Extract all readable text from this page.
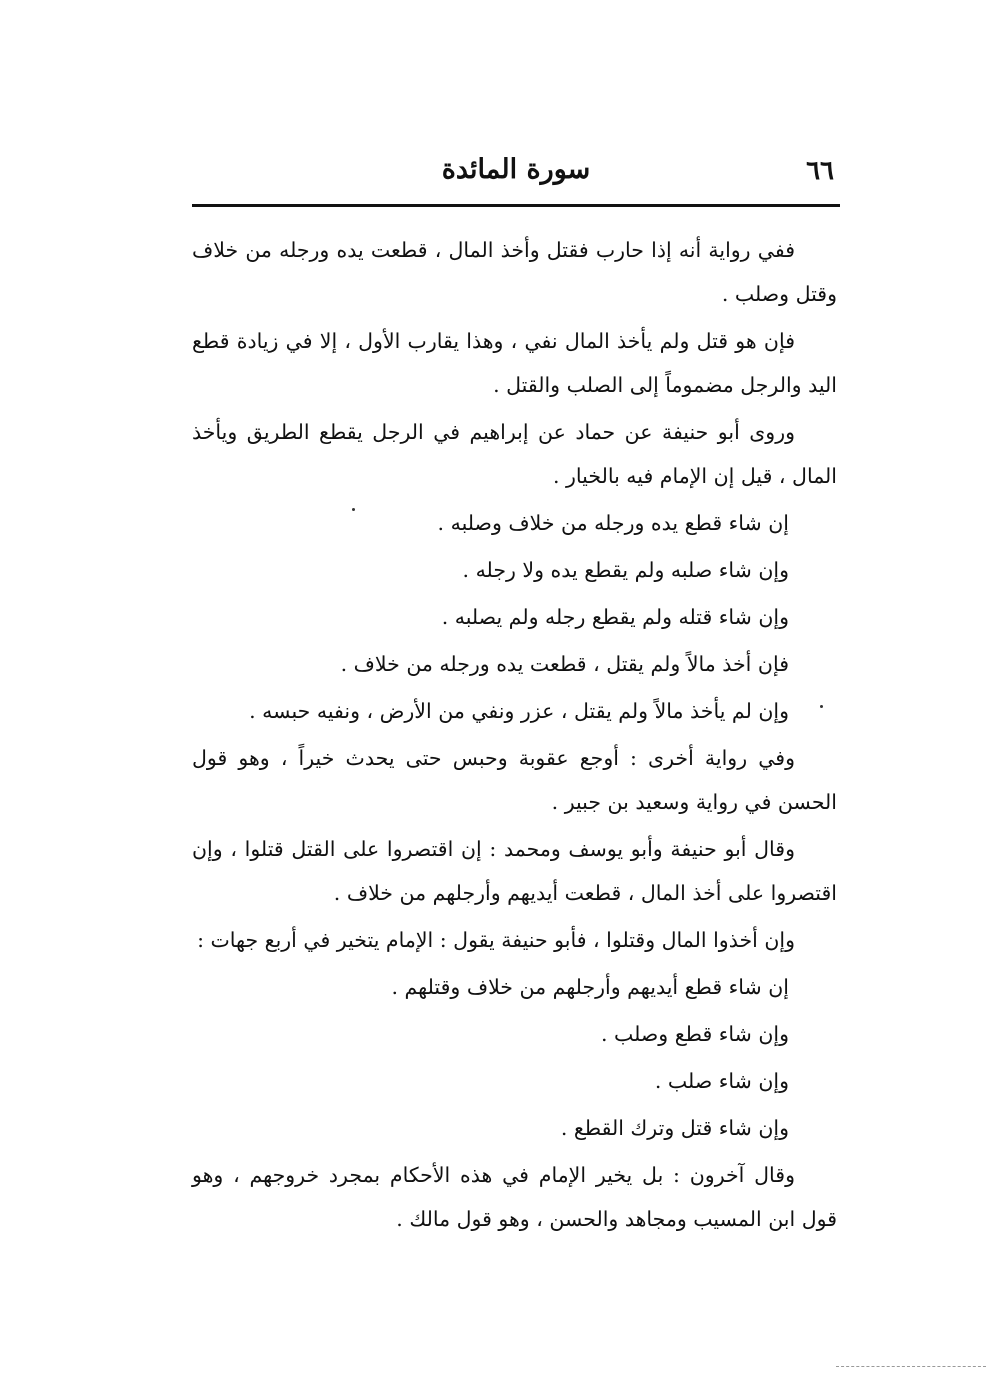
٦٦
سورة المائدة

ففي رواية أنه إذا حارب فقتل وأخذ المال ، قطعت يده ورجله من خلاف وقتل وصلب .

فإن هو قتل ولم يأخذ المال نفي ، وهذا يقارب الأول ، إلا في زيادة قطع اليد والرجل مضموماً إلى الصلب والقتل .

وروى أبو حنيفة عن حماد عن إبراهيم في الرجل يقطع الطريق ويأخذ المال ، قيل إن الإمام فيه بالخيار .

إن شاء قطع يده ورجله من خلاف وصلبه .
وإن شاء صلبه ولم يقطع يده ولا رجله .
وإن شاء قتله ولم يقطع رجله ولم يصلبه .
فإن أخذ مالاً ولم يقتل ، قطعت يده ورجله من خلاف .
وإن لم يأخذ مالاً ولم يقتل ، عزر ونفي من الأرض ، ونفيه حبسه .

وفي رواية أخرى : أوجع عقوبة وحبس حتى يحدث خيراً ، وهو قول الحسن في رواية وسعيد بن جبير .

وقال أبو حنيفة وأبو يوسف ومحمد : إن اقتصروا على القتل قتلوا ، وإن اقتصروا على أخذ المال ، قطعت أيديهم وأرجلهم من خلاف .

وإن أخذوا المال وقتلوا ، فأبو حنيفة يقول : الإمام يتخير في أربع جهات :

إن شاء قطع أيديهم وأرجلهم من خلاف وقتلهم .
وإن شاء قطع وصلب .
وإن شاء صلب .
وإن شاء قتل وترك القطع .

وقال آخرون : بل يخير الإمام في هذه الأحكام بمجرد خروجهم ، وهو قول ابن المسيب ومجاهد والحسن ، وهو قول مالك .
